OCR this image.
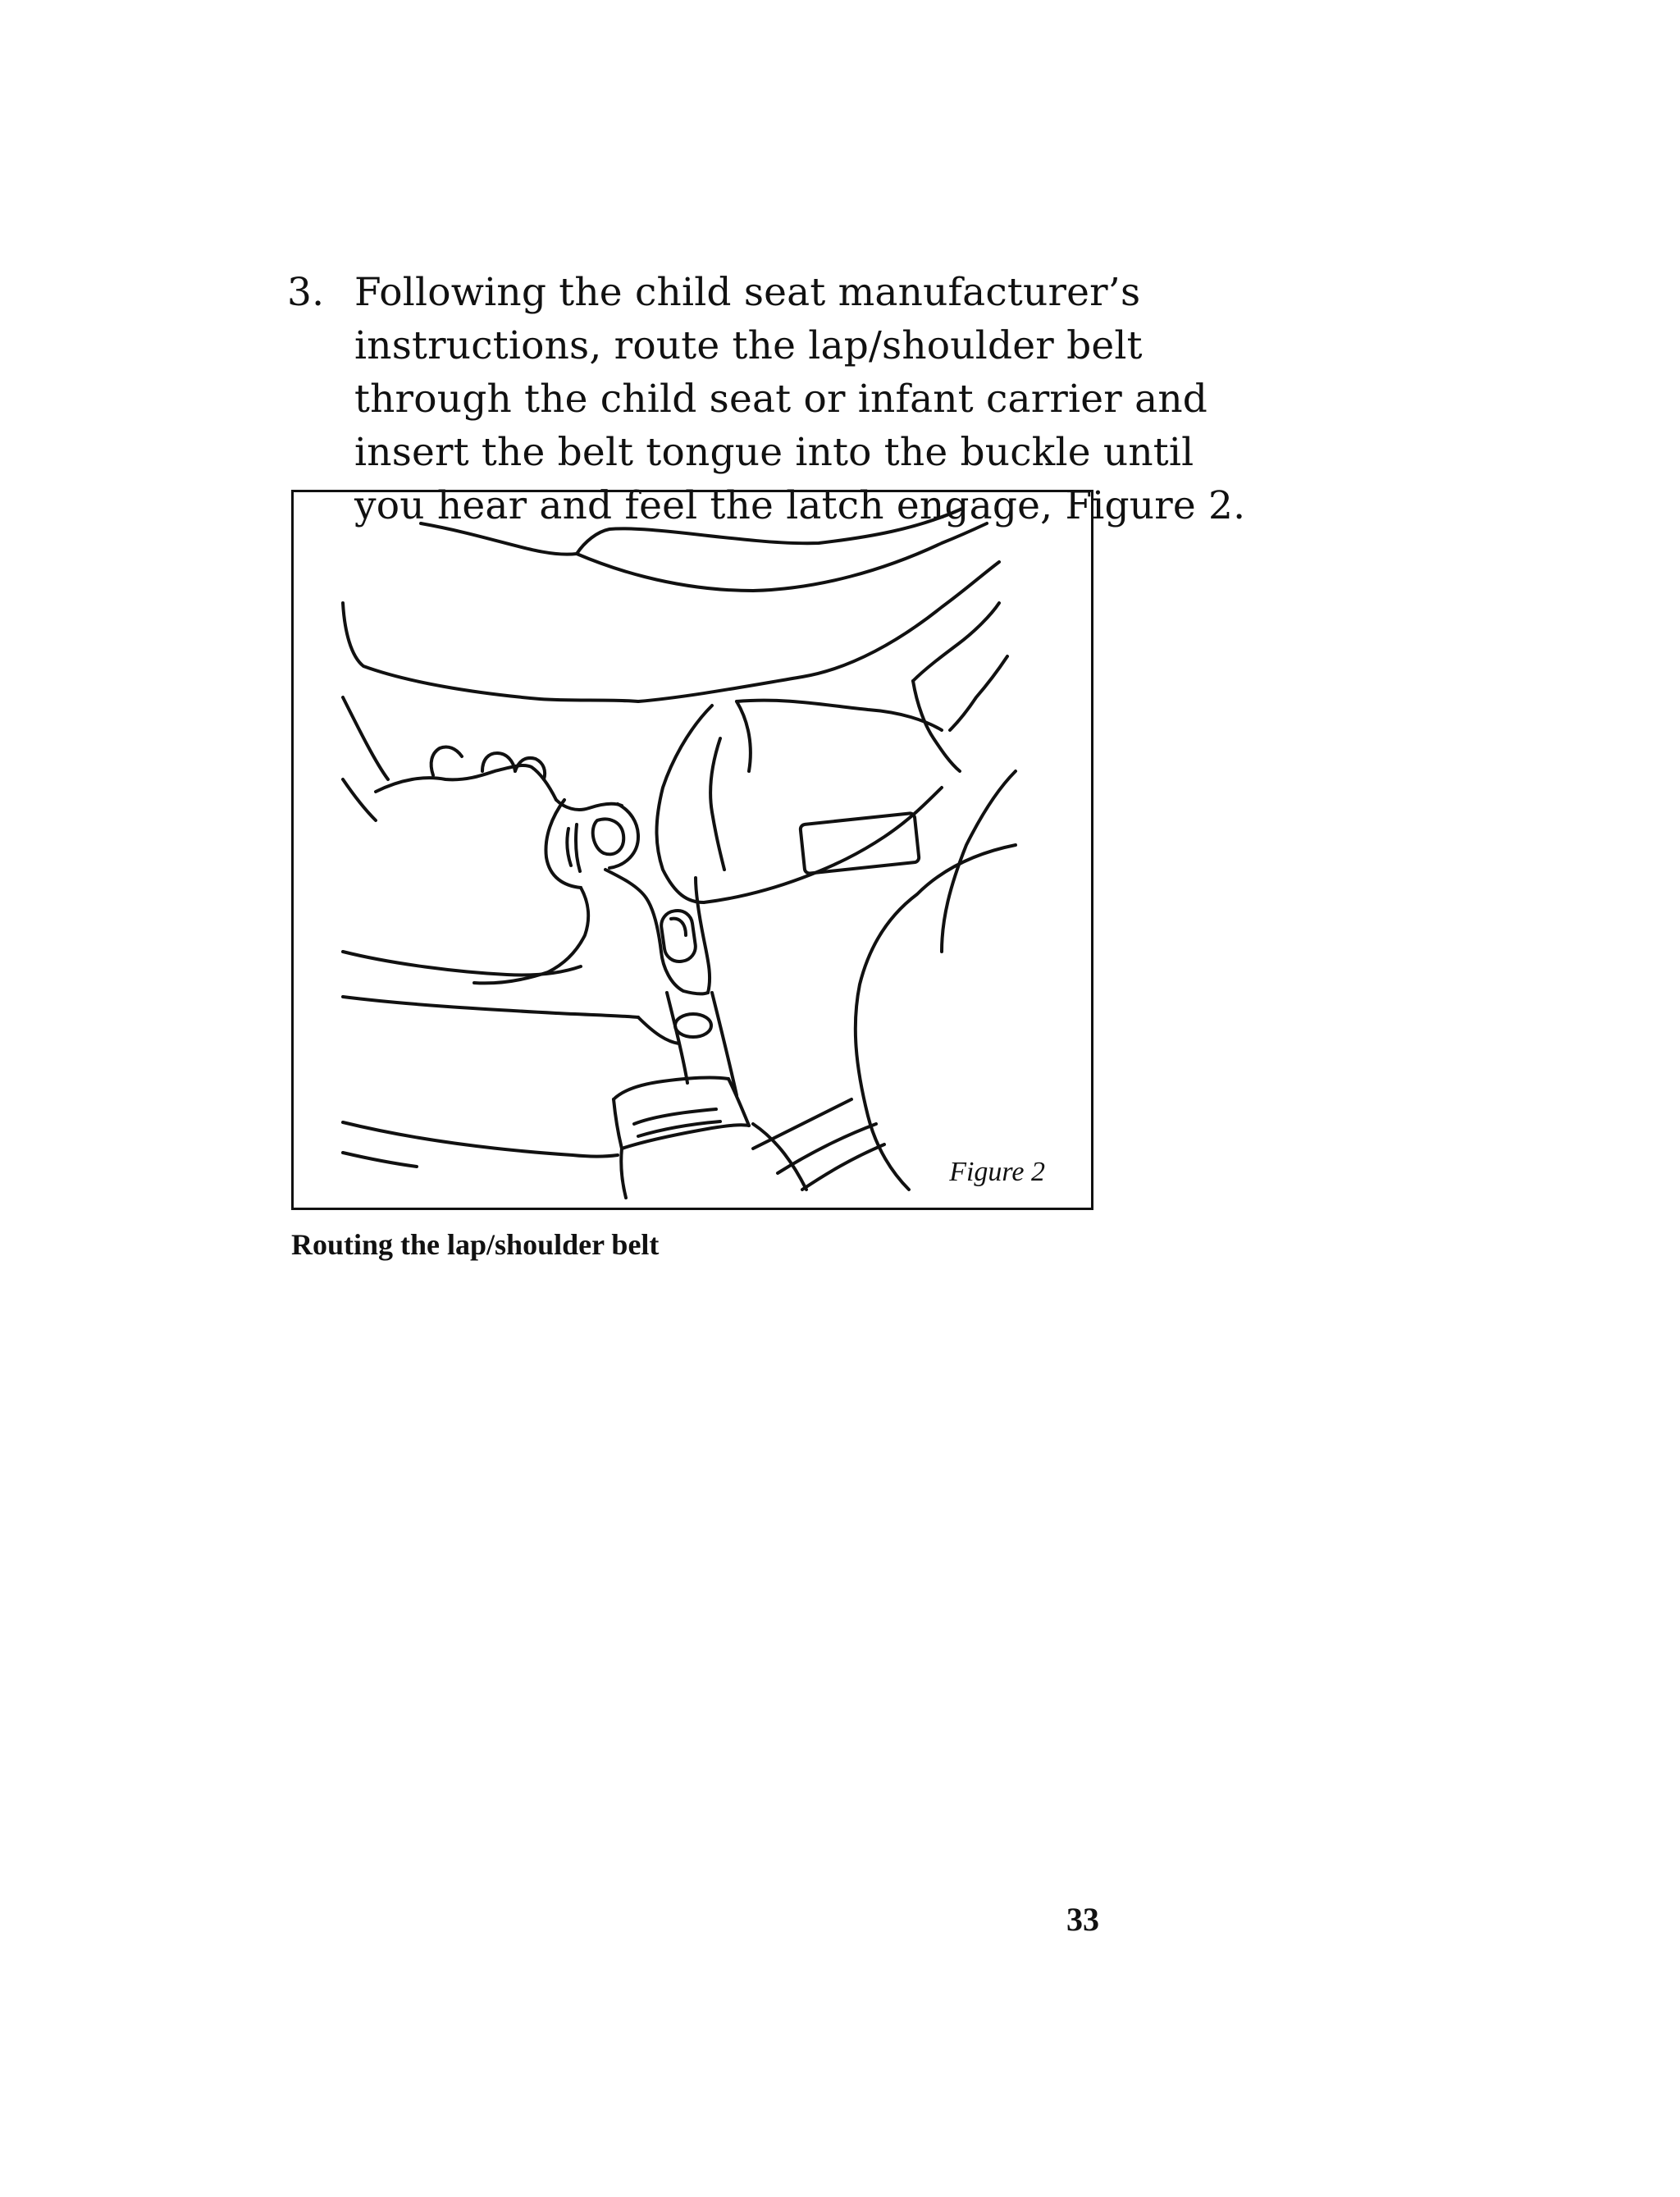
3. Following the child seat manufacturer’s
instructions, route the lap/shoulder belt
through the child seat or infant carrier and
insert the belt tongue into the buckle until
you hear and feel the latch engage, Figure 2.
Figure 2
Routing the lap/shoulder belt
33
